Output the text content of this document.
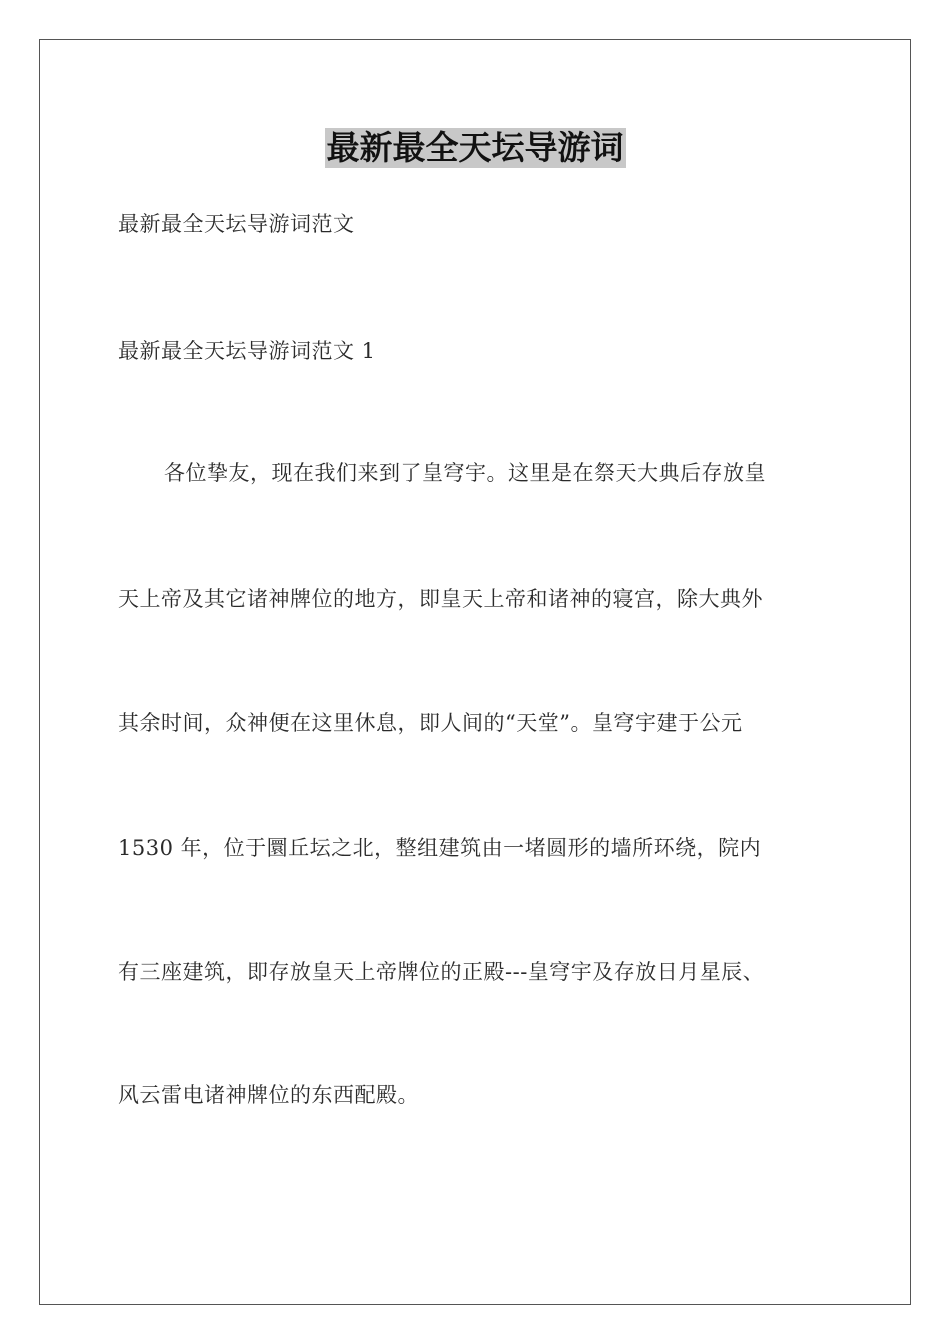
最新最全天坛导游词

最新最全天坛导游词范文

最新最全天坛导游词范文 1

各位挚友，现在我们来到了皇穹宇。这里是在祭天大典后存放皇

天上帝及其它诸神牌位的地方，即皇天上帝和诸神的寝宫，除大典外

其余时间，众神便在这里休息，即人间的“天堂”。皇穹宇建于公元

1530 年，位于圜丘坛之北，整组建筑由一堵圆形的墙所环绕，院内

有三座建筑，即存放皇天上帝牌位的正殿---皇穹宇及存放日月星辰、

风云雷电诸神牌位的东西配殿。
